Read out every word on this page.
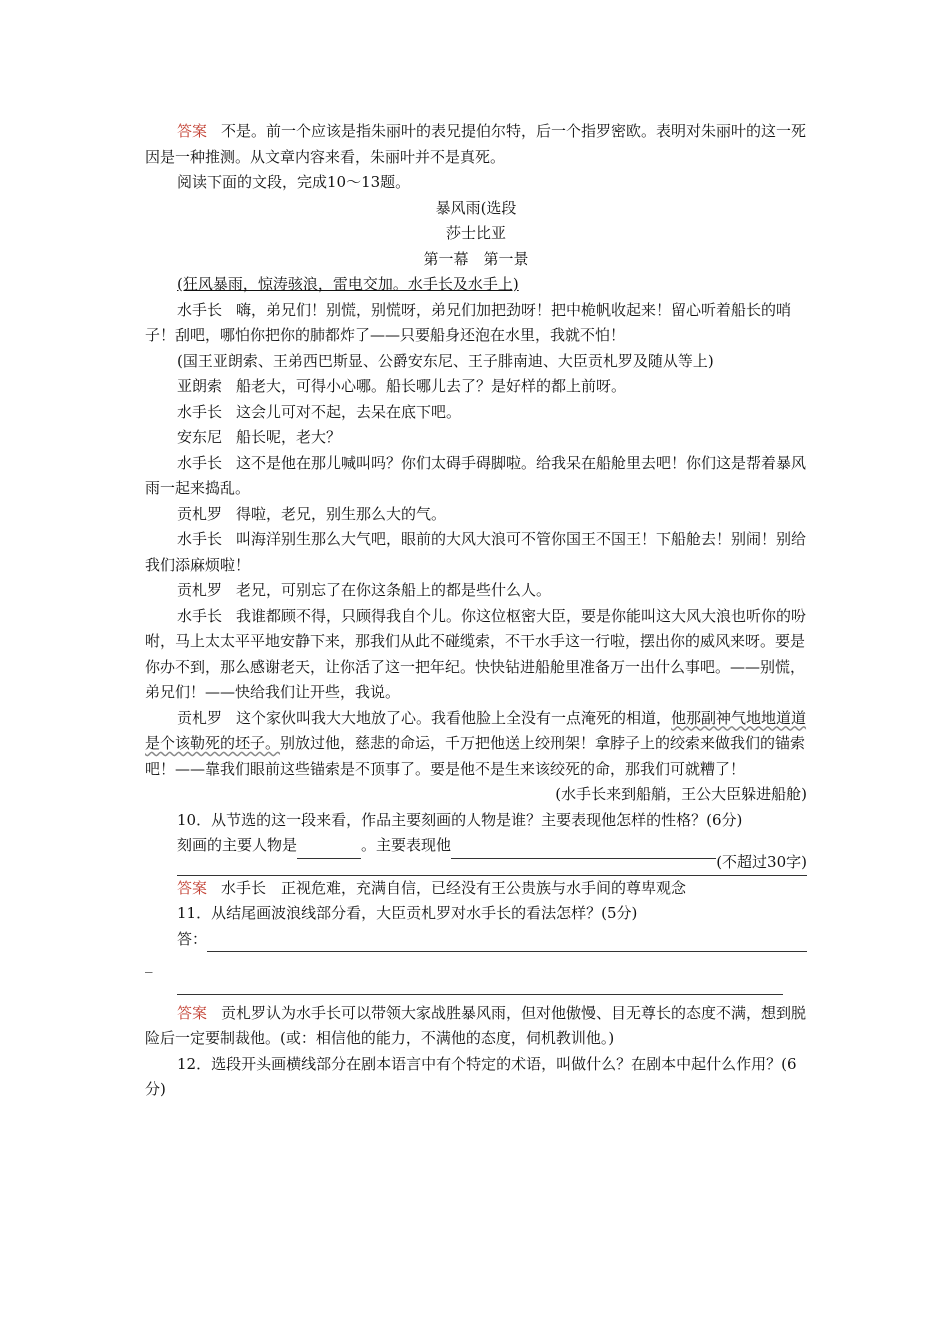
答案 不是。前一个应该是指朱丽叶的表兄提伯尔特，后一个指罗密欧。表明对朱丽叶的这一死因是一种推测。从文章内容来看，朱丽叶并不是真死。

阅读下面的文段，完成10～13题。

暴风雨(选段

莎士比亚

第一幕　第一景

(狂风暴雨，惊涛骇浪，雷电交加。水手长及水手上)

水手长 嗨，弟兄们！别慌，别慌呀，弟兄们加把劲呀！把中桅帆收起来！留心听着船长的哨子！刮吧，哪怕你把你的肺都炸了——只要船身还泡在水里，我就不怕！

(国王亚朗索、王弟西巴斯显、公爵安东尼、王子腓南迪、大臣贡札罗及随从等上)

亚朗索 船老大，可得小心哪。船长哪儿去了？是好样的都上前呀。

水手长 这会儿可对不起，去呆在底下吧。

安东尼 船长呢，老大？

水手长 这不是他在那儿喊叫吗？你们太碍手碍脚啦。给我呆在船舱里去吧！你们这是帮着暴风雨一起来捣乱。

贡札罗 得啦，老兄，别生那么大的气。

水手长 叫海洋别生那么大气吧，眼前的大风大浪可不管你国王不国王！下船舱去！别闹！别给我们添麻烦啦！

贡札罗 老兄，可别忘了在你这条船上的都是些什么人。

水手长 我谁都顾不得，只顾得我自个儿。你这位枢密大臣，要是你能叫这大风大浪也听你的吩咐，马上太太平平地安静下来，那我们从此不碰缆索，不干水手这一行啦，摆出你的威风来呀。要是你办不到，那么感谢老天，让你活了这一把年纪。快快钻进船舱里准备万一出什么事吧。——别慌，弟兄们！——快给我们让开些，我说。

贡札罗 这个家伙叫我大大地放了心。我看他脸上全没有一点淹死的相道，他那副神气地地道道是个该勒死的坯子。别放过他，慈悲的命运，千万把他送上绞刑架！拿脖子上的绞索来做我们的锚索吧！——靠我们眼前这些锚索是不顶事了。要是他不是生来该绞死的命，那我们可就糟了！

(水手长来到船艄，王公大臣躲进船舱)

10．从节选的这一段来看，作品主要刻画的人物是谁？主要表现他怎样的性格？(6分)

刻画的主要人物是	。主要表现他

(不超过30字)

答案 水手长　正视危难，充满自信，已经没有王公贵族与水手间的尊卑观念

11．从结尾画波浪线部分看，大臣贡札罗对水手长的看法怎样？(5分)

答：

_

答案 贡札罗认为水手长可以带领大家战胜暴风雨，但对他傲慢、目无尊长的态度不满，想到脱险后一定要制裁他。(或：相信他的能力，不满他的态度，伺机教训他。)

12．选段开头画横线部分在剧本语言中有个特定的术语，叫做什么？在剧本中起什么作用？(6分)
